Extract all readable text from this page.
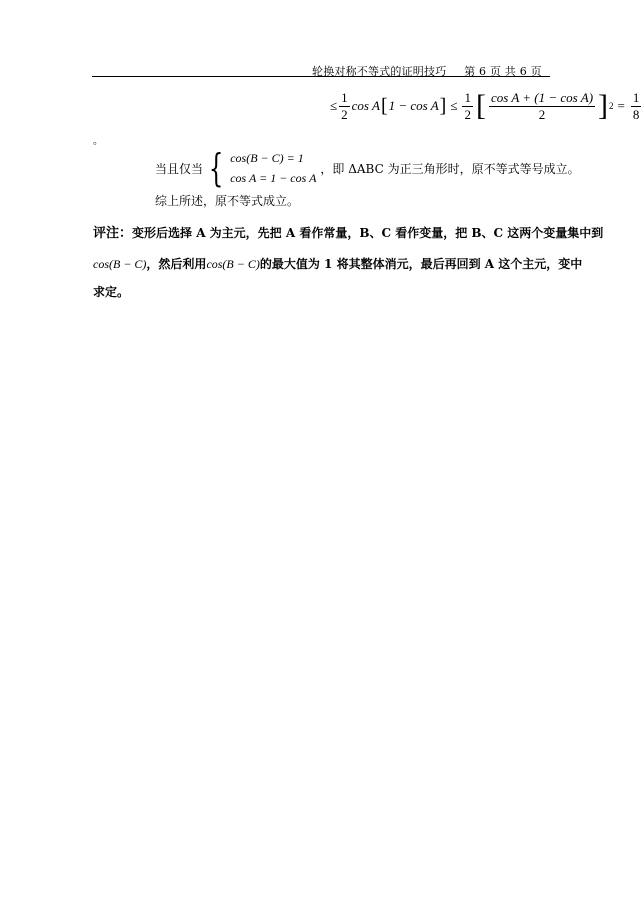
轮换对称不等式的证明技巧 第 6 页 共 6 页
≤ $\frac{1}{2}$ cos A [ 1 − cos A ] ≤ $\frac{1}{2}$ [ $\frac{\text{cos A + (1 − cos A)}}{2}$ ] $2 = \frac{1}{8}$
。
当且仅当 { cos(B − C) = 1
cos A = 1 − cos A
，即 ΔABC 为正三角形时，原不等式等号成立。
综上所述，原不等式成立。
评注：变形后选择 A 为主元，先把 A 看作常量，B、C 看作变量，把 B、C 这两个变量集中到
cos(B − C)，然后利用cos(B − C)的最大值为 1 将其整体消元，最后再回到 A 这个主元，变中
求定。
